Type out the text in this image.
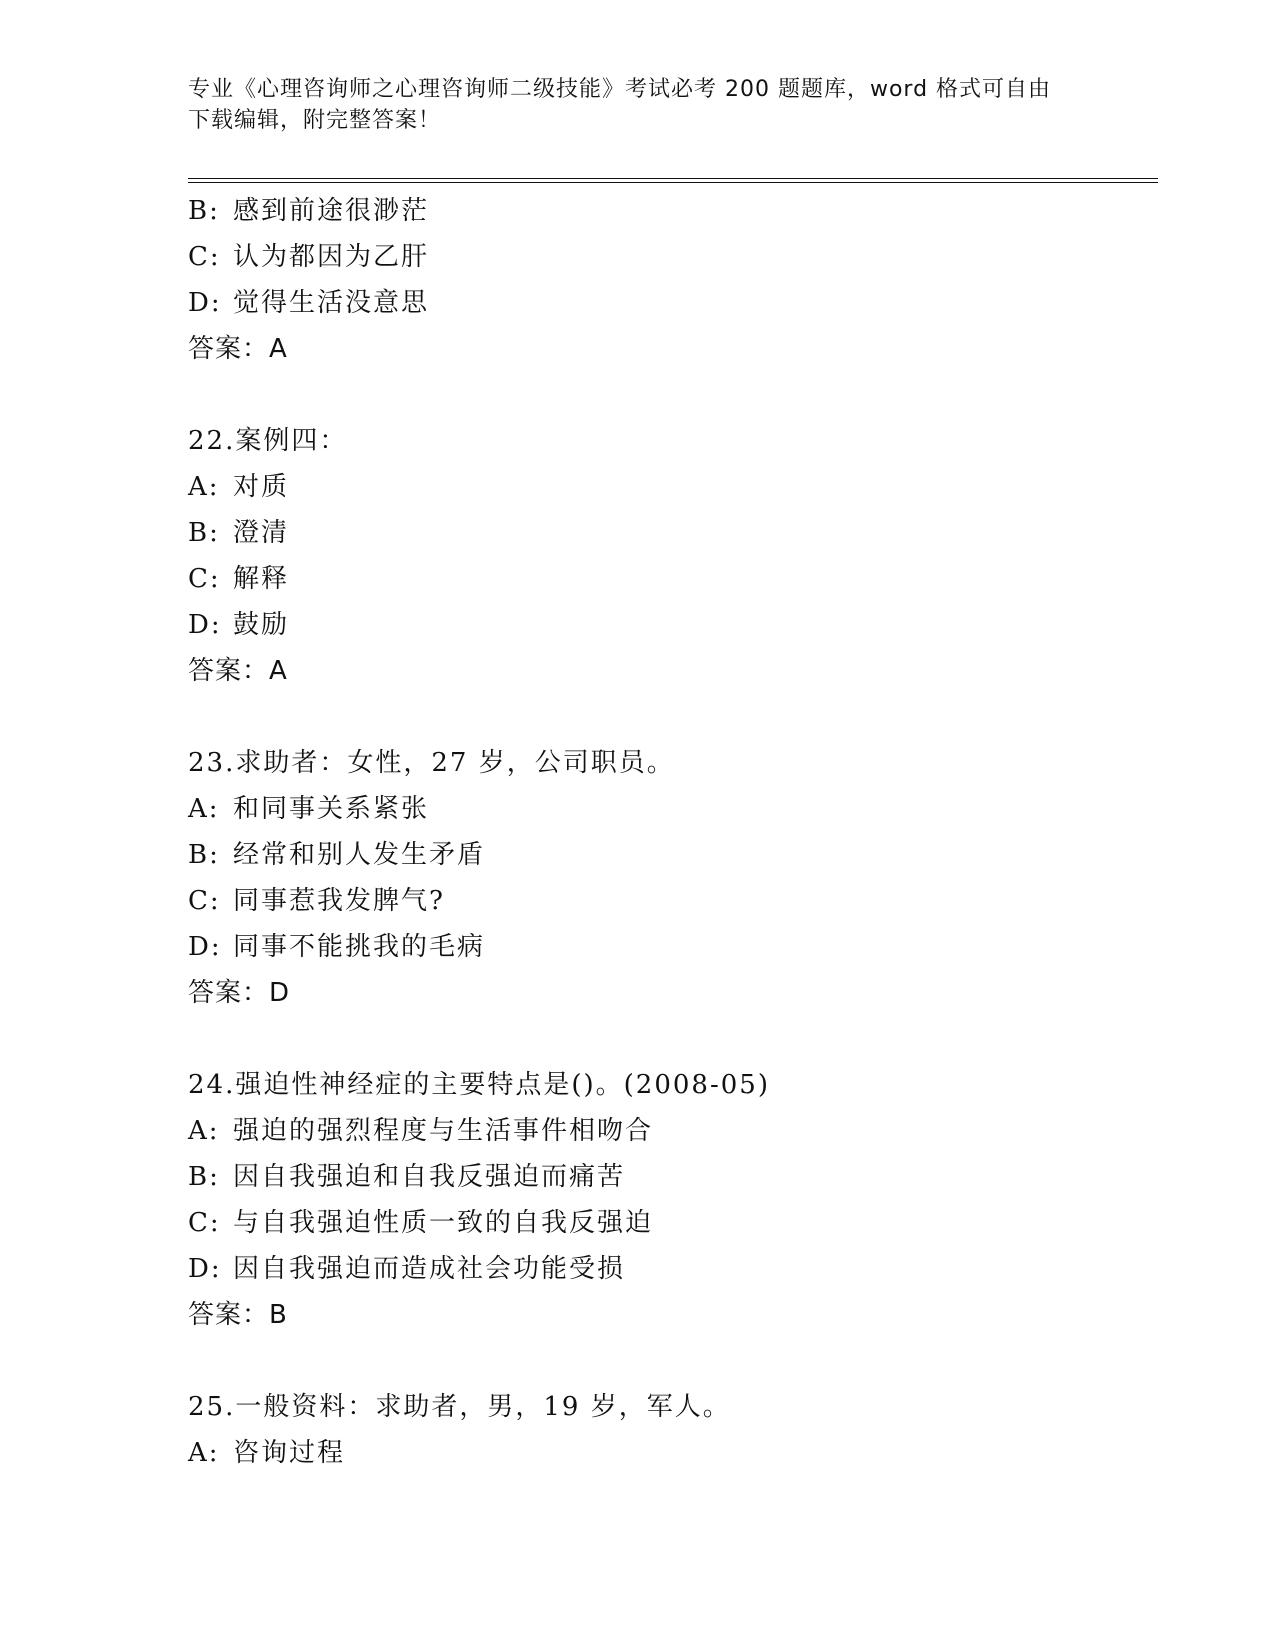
专业《心理咨询师之心理咨询师二级技能》考试必考 200 题题库，word 格式可自由下载编辑，附完整答案！
B: 感到前途很渺茫
C: 认为都因为乙肝
D: 觉得生活没意思
答案：A
22.案例四：
A: 对质
B: 澄清
C: 解释
D: 鼓励
答案：A
23.求助者：女性，27 岁，公司职员。
A: 和同事关系紧张
B: 经常和别人发生矛盾
C: 同事惹我发脾气?
D: 同事不能挑我的毛病
答案：D
24.强迫性神经症的主要特点是()。(2008-05)
A: 强迫的强烈程度与生活事件相吻合
B: 因自我强迫和自我反强迫而痛苦
C: 与自我强迫性质一致的自我反强迫
D: 因自我强迫而造成社会功能受损
答案：B
25.一般资料：求助者，男，19 岁，军人。
A: 咨询过程
